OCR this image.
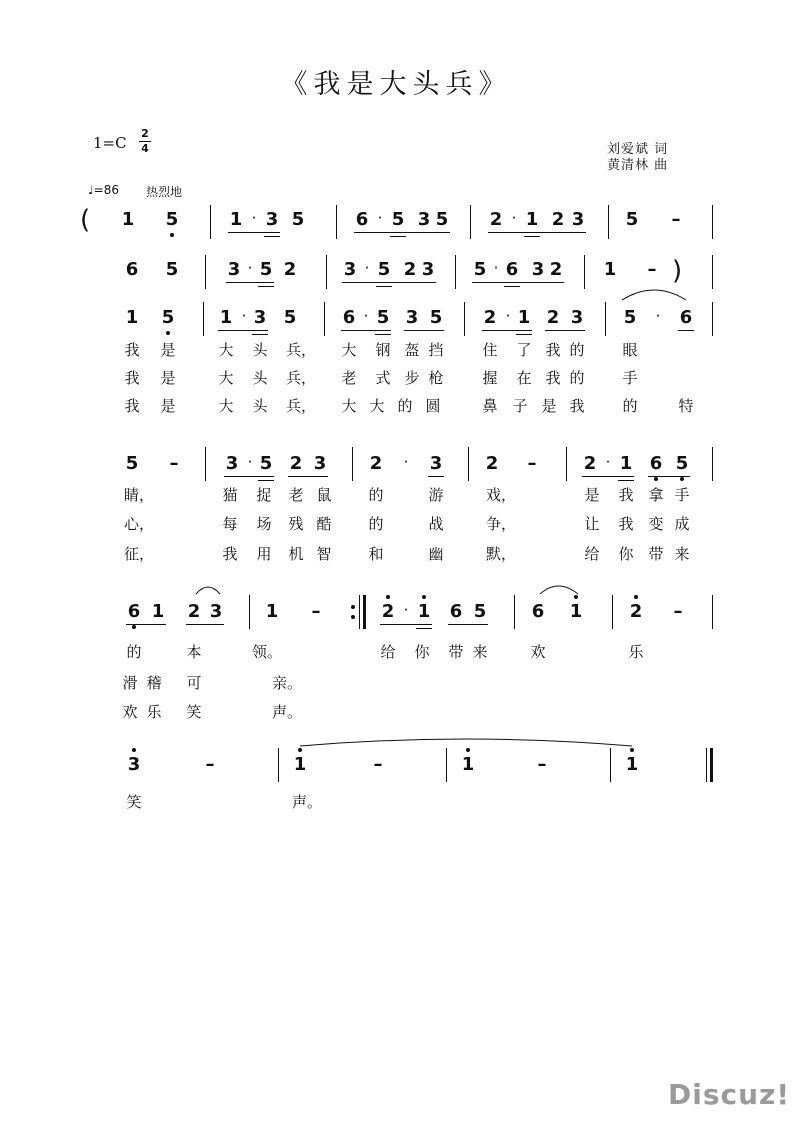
《我是大头兵》
1=C
2
4	刘爱斌 词
黄清林 曲
♩=86 热烈地
(	1	5	1 · 3 5	6 · 5 3 5	2 · 1 2 3	5	–
6	5	3 · 5 2	3 · 5 2 3	5 · 6 3 2	1	– )
1	5	1 · 3 5	6 · 5 3 5	2 · 1 2 3	5	·	6
我 是	大 头 兵， 大 钢 盔 挡	住 了 我 的	眼
我 是	大 头 兵， 老 式 步 枪	握 在 我 的	手
我 是	大 头 兵， 大 大 的 圆	鼻 子 是 我	的	特
5	–	3 · 5 2 3	2	·	3	2	–	2 · 1 6 5
睛，	猫 捉 老 鼠 的	游	戏，	是 我 拿 手
心，	每 场 残 酷 的	战	争，	让 我 变 成
征，	我 用 机 智 和	幽	默，	给 你 带 来
6 1	2 3	1	–	2 · 1	6 5	6	1	2	–
的	本	领。	给 你 带 来	欢	乐
滑 稽 可	亲。
欢 乐 笑	声。
3	–	1	–	1	–	1
笑	声。
Discuz!
